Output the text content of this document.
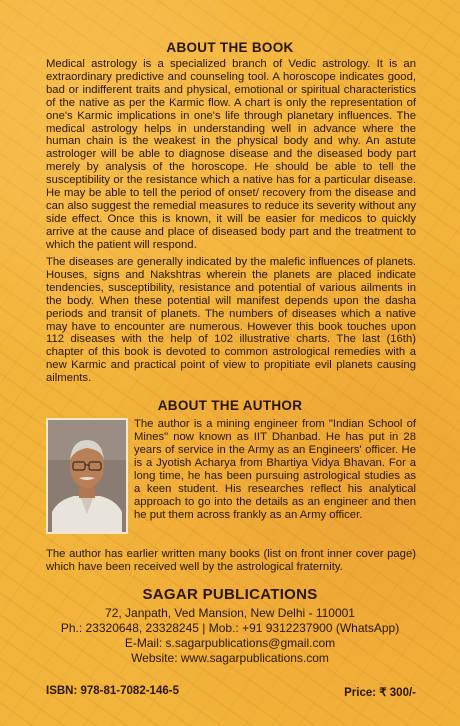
ABOUT THE BOOK

Medical astrology is a specialized branch of Vedic astrology. It is an extraordinary predictive and counseling tool. A horoscope indicates good, bad or indifferent traits and physical, emotional or spiritual characteristics of the native as per the Karmic flow. A chart is only the representation of one's Karmic implications in one's life through planetary influences. The medical astrology helps in understanding well in advance where the human chain is the weakest in the physical body and why. An astute astrologer will be able to diagnose disease and the diseased body part merely by analysis of the horoscope. He should be able to tell the susceptibility or the resistance which a native has for a particular disease. He may be able to tell the period of onset/ recovery from the disease and can also suggest the remedial measures to reduce its severity without any side effect. Once this is known, it will be easier for medicos to quickly arrive at the cause and place of diseased body part and the treatment to which the patient will respond.

The diseases are generally indicated by the malefic influences of planets. Houses, signs and Nakshtras wherein the planets are placed indicate tendencies, susceptibility, resistance and potential of various ailments in the body. When these potential will manifest depends upon the dasha periods and transit of planets. The numbers of diseases which a native may have to encounter are numerous. However this book touches upon 112 diseases with the help of 102 illustrative charts. The last (16th) chapter of this book is devoted to common astrological remedies with a new Karmic and practical point of view to propitiate evil planets causing ailments.

ABOUT THE AUTHOR

The author is a mining engineer from "Indian School of Mines" now known as IIT Dhanbad. He has put in 28 years of service in the Army as an Engineers' officer. He is a Jyotish Acharya from Bhartiya Vidya Bhavan. For a long time, he has been pursuing astrological studies as a keen student. His researches reflect his analytical approach to go into the details as an engineer and then he put them across frankly as an Army officer.

The author has earlier written many books (list on front inner cover page) which have been received well by the astrological fraternity.

SAGAR PUBLICATIONS
72, Janpath, Ved Mansion, New Delhi - 110001
Ph.: 23320648, 23328245 | Mob.: +91 9312237900 (WhatsApp)
E-Mail: s.sagarpublications@gmail.com
Website: www.sagarpublications.com
ISBN: 978-81-7082-146-5	Price: ₹ 300/-
